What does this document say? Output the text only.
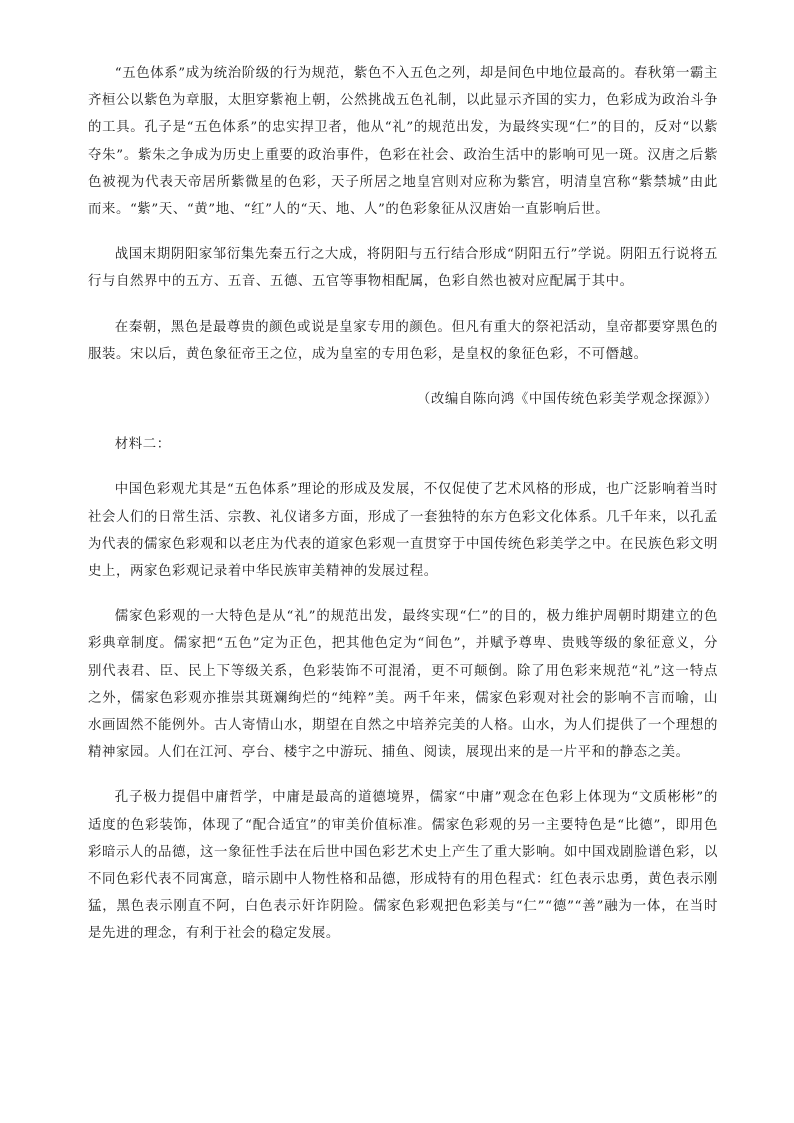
“五色体系”成为统治阶级的行为规范，紫色不入五色之列，却是间色中地位最高的。春秋第一霸主齐桓公以紫色为章服，太胆穿紫袍上朝，公然挑战五色礼制，以此显示齐国的实力，色彩成为政治斗争的工具。孔子是“五色体系”的忠实捍卫者，他从“礼”的规范出发，为最终实现“仁”的目的，反对“以紫夺朱”。紫朱之争成为历史上重要的政治事件，色彩在社会、政治生活中的影响可见一斑。汉唐之后紫色被视为代表天帝居所紫微星的色彩，天子所居之地皇宫则对应称为紫宫，明清皇宫称“紫禁城”由此而来。“紫”天、“黄”地、“红”人的“天、地、人”的色彩象征从汉唐始一直影响后世。

战国末期阴阳家邹衍集先秦五行之大成，将阴阳与五行结合形成“阴阳五行”学说。阴阳五行说将五行与自然界中的五方、五音、五德、五官等事物相配属，色彩自然也被对应配属于其中。

在秦朝，黑色是最尊贵的颜色或说是皇家专用的颜色。但凡有重大的祭祀活动，皇帝都要穿黑色的服装。宋以后，黄色象征帝王之位，成为皇室的专用色彩，是皇权的象征色彩，不可僭越。

（改编自陈向鸿《中国传统色彩美学观念探源》）

材料二：

中国色彩观尤其是“五色体系”理论的形成及发展，不仅促使了艺术风格的形成，也广泛影响着当时社会人们的日常生活、宗教、礼仪诸多方面，形成了一套独特的东方色彩文化体系。几千年来，以孔孟为代表的儒家色彩观和以老庄为代表的道家色彩观一直贯穿于中国传统色彩美学之中。在民族色彩文明史上，两家色彩观记录着中华民族审美精神的发展过程。

儒家色彩观的一大特色是从“礼”的规范出发，最终实现“仁”的目的，极力维护周朝时期建立的色彩典章制度。儒家把“五色”定为正色，把其他色定为“间色”，并赋予尊卑、贵贱等级的象征意义，分别代表君、臣、民上下等级关系，色彩装饰不可混淆，更不可颠倒。除了用色彩来规范“礼”这一特点之外，儒家色彩观亦推崇其斑斓绚烂的“纯粹”美。两千年来，儒家色彩观对社会的影响不言而喻，山水画固然不能例外。古人寄情山水，期望在自然之中培养完美的人格。山水，为人们提供了一个理想的精神家园。人们在江河、亭台、楼宇之中游玩、捕鱼、阅读，展现出来的是一片平和的静态之美。

孔子极力提倡中庸哲学，中庸是最高的道德境界，儒家“中庸”观念在色彩上体现为“文质彬彬”的适度的色彩装饰，体现了“配合适宜”的审美价值标准。儒家色彩观的另一主要特色是“比德”，即用色彩暗示人的品德，这一象征性手法在后世中国色彩艺术史上产生了重大影响。如中国戏剧脸谱色彩，以不同色彩代表不同寓意，暗示剧中人物性格和品德，形成特有的用色程式：红色表示忠勇，黄色表示刚猛，黑色表示刚直不阿，白色表示奸诈阴险。儒家色彩观把色彩美与“仁”“德”“善”融为一体，在当时是先进的理念，有利于社会的稳定发展。
